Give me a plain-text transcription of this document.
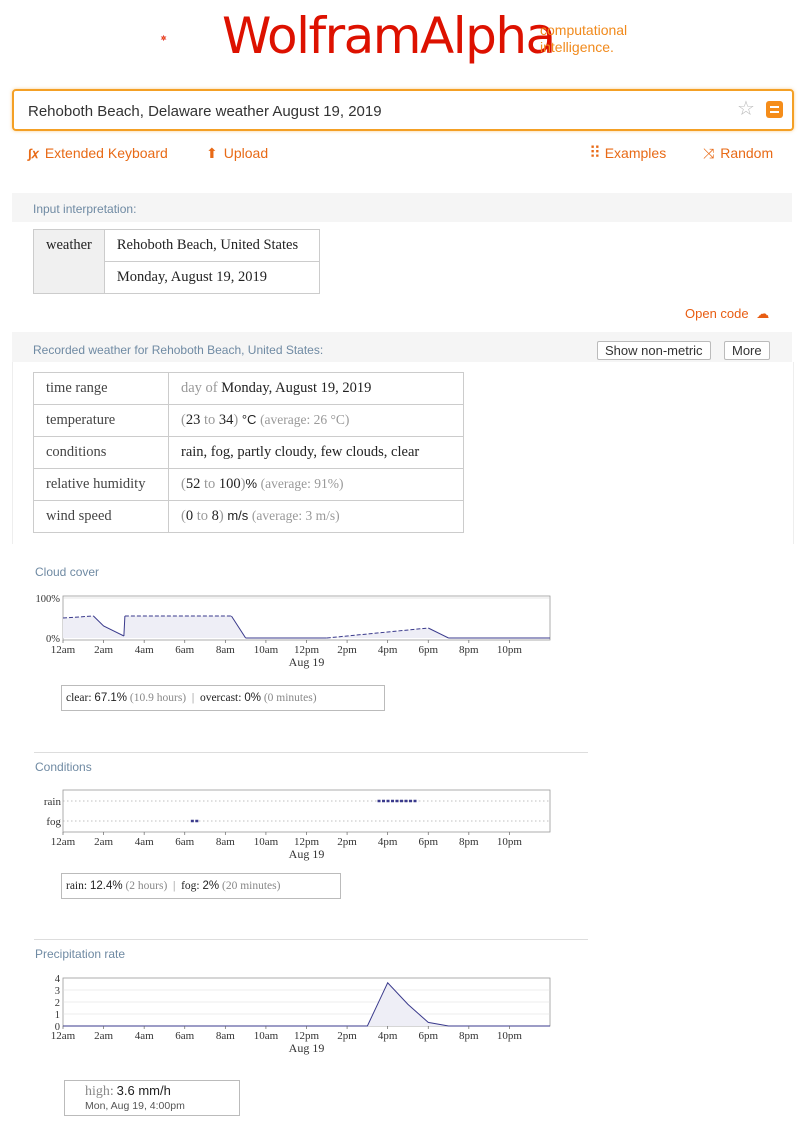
WolframAlpha
computational
intelligence.
Rehoboth Beach, Delaware weather August 19, 2019
☆
∫𝑥 Extended Keyboard	⬆ Upload	⠿ Examples	⤨ Random
Input interpretation:
weather	Rehoboth Beach, United States
Monday, August 19, 2019
Open code ☁
Recorded weather for Rehoboth Beach, United States:	Show non-metric	More
time range	day of Monday, August 19, 2019
temperature	(23 to 34) °C (average: 26 °C)
conditions	rain, fog, partly cloudy, few clouds, clear
relative humidity	(52 to 100)% (average: 91%)
wind speed	(0 to 8) m/s (average: 3 m/s)
Cloud cover
100%
0%
12am 2am 4am 6am 8am 10am 12pm 2pm 4pm 6pm 8pm 10pm
Aug 19
clear: 67.1% (10.9 hours) | overcast: 0% (0 minutes)
Conditions
rain
fog
12am 2am 4am 6am 8am 10am 12pm 2pm 4pm 6pm 8pm 10pm
Aug 19
rain: 12.4% (2 hours) | fog: 2% (20 minutes)
Precipitation rate
4
3
2
1
0
12am 2am 4am 6am 8am 10am 12pm 2pm 4pm 6pm 8pm 10pm
Aug 19
high: 3.6 mm/h
Mon, Aug 19, 4:00pm
